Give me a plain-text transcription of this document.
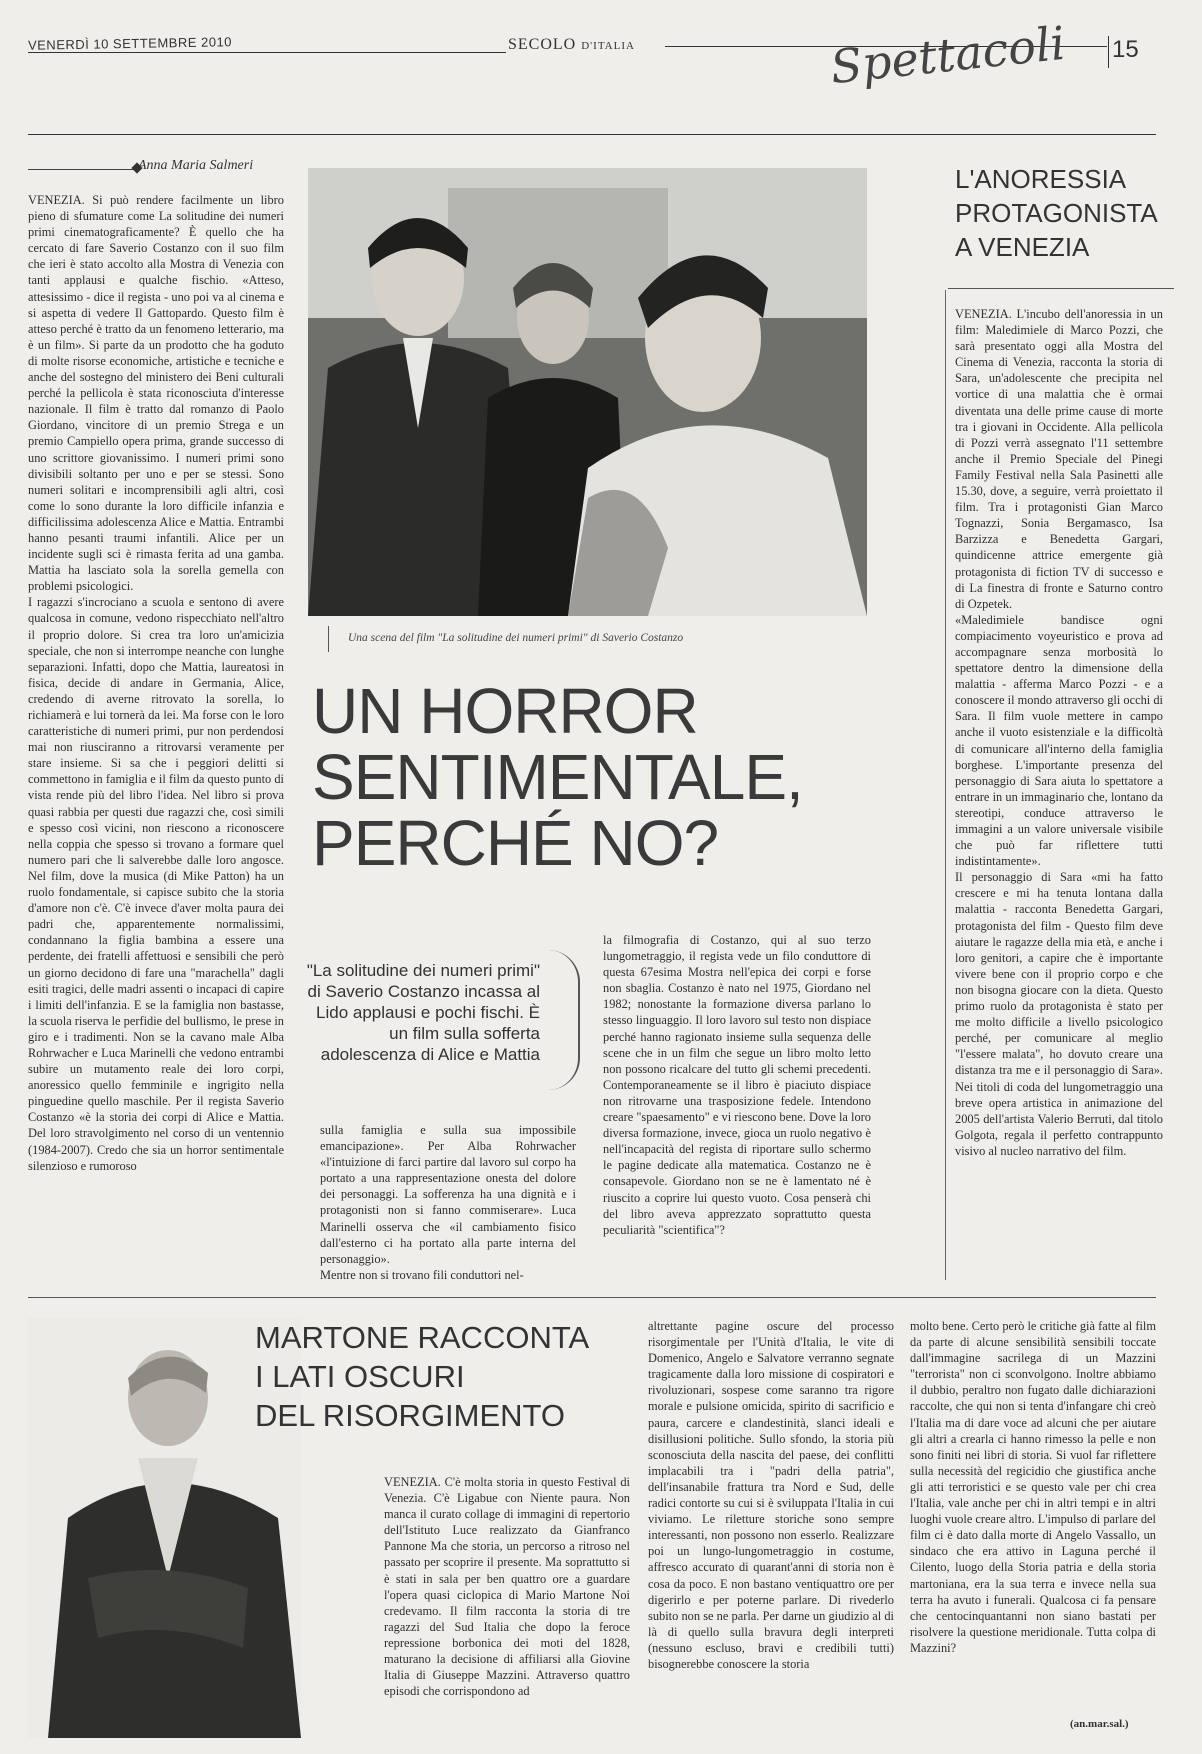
VENERDÌ 10 SETTEMBRE 2010	SECOLO D'ITALIA	Spettacoli 15
Anna Maria Salmeri
VENEZIA. Si può rendere facilmente un libro pieno di sfumature come La solitudine dei numeri primi cinematograficamente? È quello che ha cercato di fare Saverio Costanzo con il suo film che ieri è stato accolto alla Mostra di Venezia con tanti applausi e qualche fischio. «Atteso, attesissimo - dice il regista - uno poi va al cinema e si aspetta di vedere Il Gattopardo. Questo film è atteso perché è tratto da un fenomeno letterario, ma è un film». Si parte da un prodotto che ha goduto di molte risorse economiche, artistiche e tecniche e anche del sostegno del ministero dei Beni culturali perché la pellicola è stata riconosciuta d'interesse nazionale. Il film è tratto dal romanzo di Paolo Giordano, vincitore di un premio Strega e un premio Campiello opera prima, grande successo di uno scrittore giovanissimo. I numeri primi sono divisibili soltanto per uno e per se stessi. Sono numeri solitari e incomprensibili agli altri, così come lo sono durante la loro difficile infanzia e difficilissima adolescenza Alice e Mattia. Entrambi hanno pesanti traumi infantili. Alice per un incidente sugli sci è rimasta ferita ad una gamba. Mattia ha lasciato sola la sorella gemella con problemi psicologici.
I ragazzi s'incrociano a scuola e sentono di avere qualcosa in comune, vedono rispecchiato nell'altro il proprio dolore. Si crea tra loro un'amicizia speciale, che non si interrompe neanche con lunghe separazioni. Infatti, dopo che Mattia, laureatosi in fisica, decide di andare in Germania, Alice, credendo di averne ritrovato la sorella, lo richiamerà e lui tornerà da lei. Ma forse con le loro caratteristiche di numeri primi, pur non perdendosi mai non riusciranno a ritrovarsi veramente per stare insieme. Si sa che i peggiori delitti si commettono in famiglia e il film da questo punto di vista rende più del libro l'idea. Nel libro si prova quasi rabbia per questi due ragazzi che, così simili e spesso così vicini, non riescono a riconoscere nella coppia che spesso si trovano a formare quel numero pari che li salverebbe dalle loro angosce. Nel film, dove la musica (di Mike Patton) ha un ruolo fondamentale, si capisce subito che la storia d'amore non c'è. C'è invece d'aver molta paura dei padri che, apparentemente normalissimi, condannano la figlia bambina a essere una perdente, dei fratelli affettuosi e sensibili che però un giorno decidono di fare una "marachella" dagli esiti tragici, delle madri assenti o incapaci di capire i limiti dell'infanzia. E se la famiglia non bastasse, la scuola riserva le perfidie del bullismo, le prese in giro e i tradimenti. Non se la cavano male Alba Rohrwacher e Luca Marinelli che vedono entrambi subire un mutamento reale dei loro corpi, anoressico quello femminile e ingrigito nella pinguedine quello maschile. Per il regista Saverio Costanzo «è la storia dei corpi di Alice e Mattia. Del loro stravolgimento nel corso di un ventennio (1984-2007). Credo che sia un horror sentimentale silenzioso e rumoroso
Una scena del film "La solitudine dei numeri primi" di Saverio Costanzo
UN HORROR
SENTIMENTALE,
PERCHÉ NO?
"La solitudine dei numeri primi" di Saverio Costanzo incassa al Lido applausi e pochi fischi. È un film sulla sofferta adolescenza di Alice e Mattia
la filmografia di Costanzo, qui al suo terzo lungometraggio, il regista vede un filo conduttore di questa 67esima Mostra nell'epica dei corpi e forse non sbaglia. Costanzo è nato nel 1975, Giordano nel 1982; nonostante la formazione diversa parlano lo stesso linguaggio. Il loro lavoro sul testo non dispiace perché hanno ragionato insieme sulla sequenza delle scene che in un film che segue un libro molto letto non possono ricalcare del tutto gli schemi precedenti. Contemporaneamente se il libro è piaciuto dispiace non ritrovarne una trasposizione fedele. Intendono creare "spaesamento" e vi riescono bene. Dove la loro diversa formazione, invece, gioca un ruolo negativo è nell'incapacità del regista di riportare sullo schermo le pagine dedicate alla matematica. Costanzo ne è consapevole. Giordano non se ne è lamentato né è riuscito a coprire lui questo vuoto. Cosa penserà chi del libro aveva apprezzato soprattutto questa peculiarità "scientifica"?
sulla famiglia e sulla sua impossibile emancipazione». Per Alba Rohrwacher «l'intuizione di farci partire dal lavoro sul corpo ha portato a una rappresentazione onesta del dolore dei personaggi. La sofferenza ha una dignità e i protagonisti non si fanno commiserare». Luca Marinelli osserva che «il cambiamento fisico dall'esterno ci ha portato alla parte interna del personaggio».
Mentre non si trovano fili conduttori nel-
L'ANORESSIA
PROTAGONISTA
A VENEZIA
VENEZIA. L'incubo dell'anoressia in un film: Maledimiele di Marco Pozzi, che sarà presentato oggi alla Mostra del Cinema di Venezia, racconta la storia di Sara, un'adolescente che precipita nel vortice di una malattia che è ormai diventata una delle prime cause di morte tra i giovani in Occidente. Alla pellicola di Pozzi verrà assegnato l'11 settembre anche il Premio Speciale del Pinegi Family Festival nella Sala Pasinetti alle 15.30, dove, a seguire, verrà proiettato il film. Tra i protagonisti Gian Marco Tognazzi, Sonia Bergamasco, Isa Barzizza e Benedetta Gargari, quindicenne attrice emergente già protagonista di fiction TV di successo e di La finestra di fronte e Saturno contro di Ozpetek.
«Maledimiele bandisce ogni compiacimento voyeuristico e prova ad accompagnare senza morbosità lo spettatore dentro la dimensione della malattia - afferma Marco Pozzi - e a conoscere il mondo attraverso gli occhi di Sara. Il film vuole mettere in campo anche il vuoto esistenziale e la difficoltà di comunicare all'interno della famiglia borghese. L'importante presenza del personaggio di Sara aiuta lo spettatore a entrare in un immaginario che, lontano da stereotipi, conduce attraverso le immagini a un valore universale visibile che può far riflettere tutti indistintamente».
Il personaggio di Sara «mi ha fatto crescere e mi ha tenuta lontana dalla malattia - racconta Benedetta Gargari, protagonista del film - Questo film deve aiutare le ragazze della mia età, e anche i loro genitori, a capire che è importante vivere bene con il proprio corpo e che non bisogna giocare con la dieta. Questo primo ruolo da protagonista è stato per me molto difficile a livello psicologico perché, per comunicare al meglio "l'essere malata", ho dovuto creare una distanza tra me e il personaggio di Sara». Nei titoli di coda del lungometraggio una breve opera artistica in animazione del 2005 dell'artista Valerio Berruti, dal titolo Golgota, regala il perfetto contrappunto visivo al nucleo narrativo del film.
MARTONE RACCONTA
I LATI OSCURI
DEL RISORGIMENTO
VENEZIA. C'è molta storia in questo Festival di Venezia. C'è Ligabue con Niente paura. Non manca il curato collage di immagini di repertorio dell'Istituto Luce realizzato da Gianfranco Pannone Ma che storia, un percorso a ritroso nel passato per scoprire il presente. Ma soprattutto si è stati in sala per ben quattro ore a guardare l'opera quasi ciclopica di Mario Martone Noi credevamo. Il film racconta la storia di tre ragazzi del Sud Italia che dopo la feroce repressione borbonica dei moti del 1828, maturano la decisione di affiliarsi alla Giovine Italia di Giuseppe Mazzini. Attraverso quattro episodi che corrispondono ad
altrettante pagine oscure del processo risorgimentale per l'Unità d'Italia, le vite di Domenico, Angelo e Salvatore verranno segnate tragicamente dalla loro missione di cospiratori e rivoluzionari, sospese come saranno tra rigore morale e pulsione omicida, spirito di sacrificio e paura, carcere e clandestinità, slanci ideali e disillusioni politiche. Sullo sfondo, la storia più sconosciuta della nascita del paese, dei conflitti implacabili tra i "padri della patria", dell'insanabile frattura tra Nord e Sud, delle radici contorte su cui si è sviluppata l'Italia in cui viviamo. Le riletture storiche sono sempre interessanti, non possono non esserlo. Realizzare poi un lungo-lungometraggio in costume, affresco accurato di quarant'anni di storia non è cosa da poco. E non bastano ventiquattro ore per digerirlo e per poterne parlare. Di rivederlo subito non se ne parla. Per darne un giudizio al di là di quello sulla bravura degli interpreti (nessuno escluso, bravi e credibili tutti) bisognerebbe conoscere la storia
molto bene. Certo però le critiche già fatte al film da parte di alcune sensibilità sensibili toccate dall'immagine sacrilega di un Mazzini "terrorista" non ci sconvolgono. Inoltre abbiamo il dubbio, peraltro non fugato dalle dichiarazioni raccolte, che qui non si tenta d'infangare chi creò l'Italia ma di dare voce ad alcuni che per aiutare gli altri a crearla ci hanno rimesso la pelle e non sono finiti nei libri di storia. Si vuol far riflettere sulla necessità del regicidio che giustifica anche gli atti terroristici e se questo vale per chi crea l'Italia, vale anche per chi in altri tempi e in altri luoghi vuole creare altro. L'impulso di parlare del film ci è dato dalla morte di Angelo Vassallo, un sindaco che era attivo in Laguna perché il Cilento, luogo della Storia patria e della storia martoniana, era la sua terra e invece nella sua terra ha avuto i funerali. Qualcosa ci fa pensare che centocinquantanni non siano bastati per risolvere la questione meridionale. Tutta colpa di Mazzini?
(an.mar.sal.)
